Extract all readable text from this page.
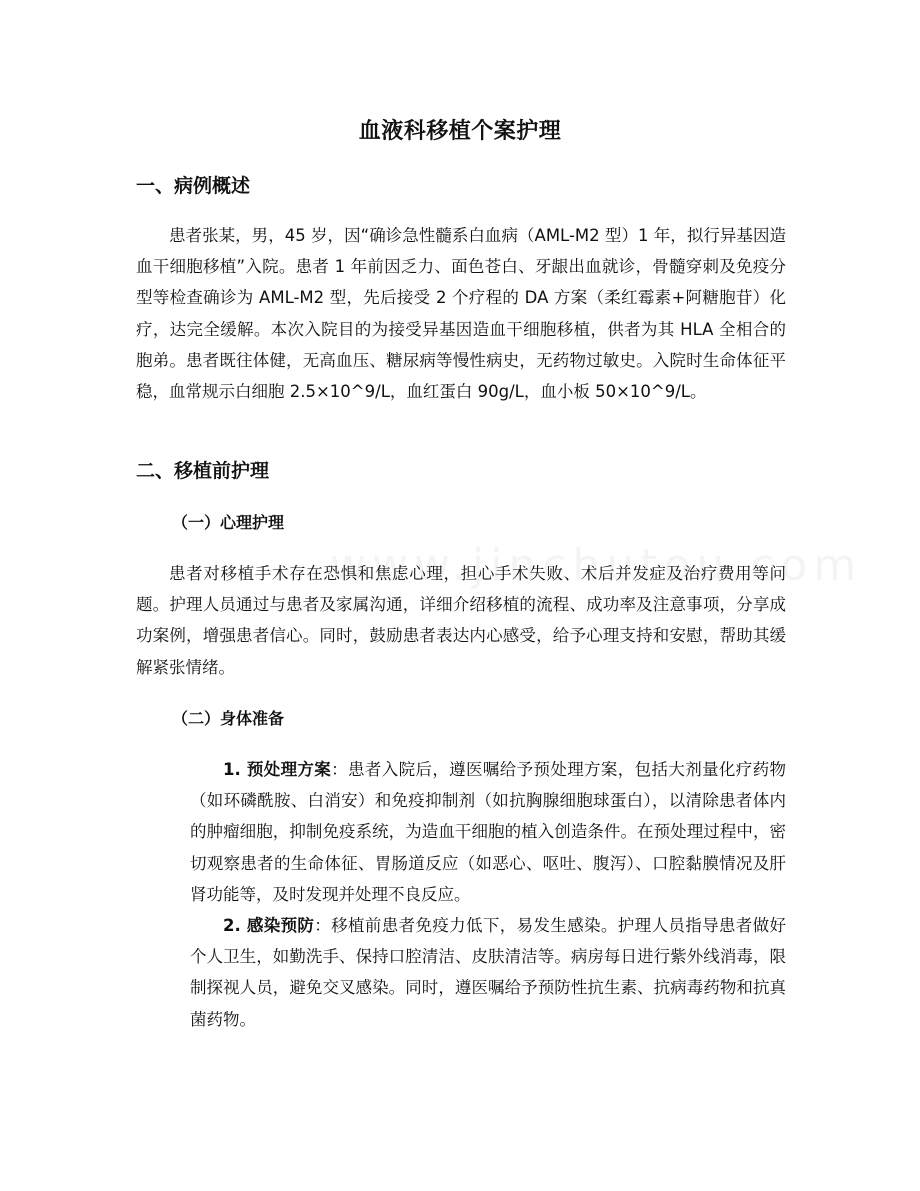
血液科移植个案护理
一、病例概述

患者张某，男，45 岁，因“确诊急性髓系白血病（AML-M2 型）1 年，拟行异基因造血干细胞移植”入院。患者 1 年前因乏力、面色苍白、牙龈出血就诊，骨髓穿刺及免疫分型等检查确诊为 AML-M2 型，先后接受 2 个疗程的 DA 方案（柔红霉素+阿糖胞苷）化疗，达完全缓解。本次入院目的为接受异基因造血干细胞移植，供者为其 HLA 全相合的胞弟。患者既往体健，无高血压、糖尿病等慢性病史，无药物过敏史。入院时生命体征平稳，血常规示白细胞 2.5×10^9/L，血红蛋白 90g/L，血小板 50×10^9/L。

二、移植前护理
（一）心理护理

患者对移植手术存在恐惧和焦虑心理，担心手术失败、术后并发症及治疗费用等问题。护理人员通过与患者及家属沟通，详细介绍移植的流程、成功率及注意事项，分享成功案例，增强患者信心。同时，鼓励患者表达内心感受，给予心理支持和安慰，帮助其缓解紧张情绪。

（二）身体准备

1. 预处理方案：患者入院后，遵医嘱给予预处理方案，包括大剂量化疗药物（如环磷酰胺、白消安）和免疫抑制剂（如抗胸腺细胞球蛋白），以清除患者体内的肿瘤细胞，抑制免疫系统，为造血干细胞的植入创造条件。在预处理过程中，密切观察患者的生命体征、胃肠道反应（如恶心、呕吐、腹泻）、口腔黏膜情况及肝肾功能等，及时发现并处理不良反应。

2. 感染预防：移植前患者免疫力低下，易发生感染。护理人员指导患者做好个人卫生，如勤洗手、保持口腔清洁、皮肤清洁等。病房每日进行紫外线消毒，限制探视人员，避免交叉感染。同时，遵医嘱给予预防性抗生素、抗病毒药物和抗真菌药物。
